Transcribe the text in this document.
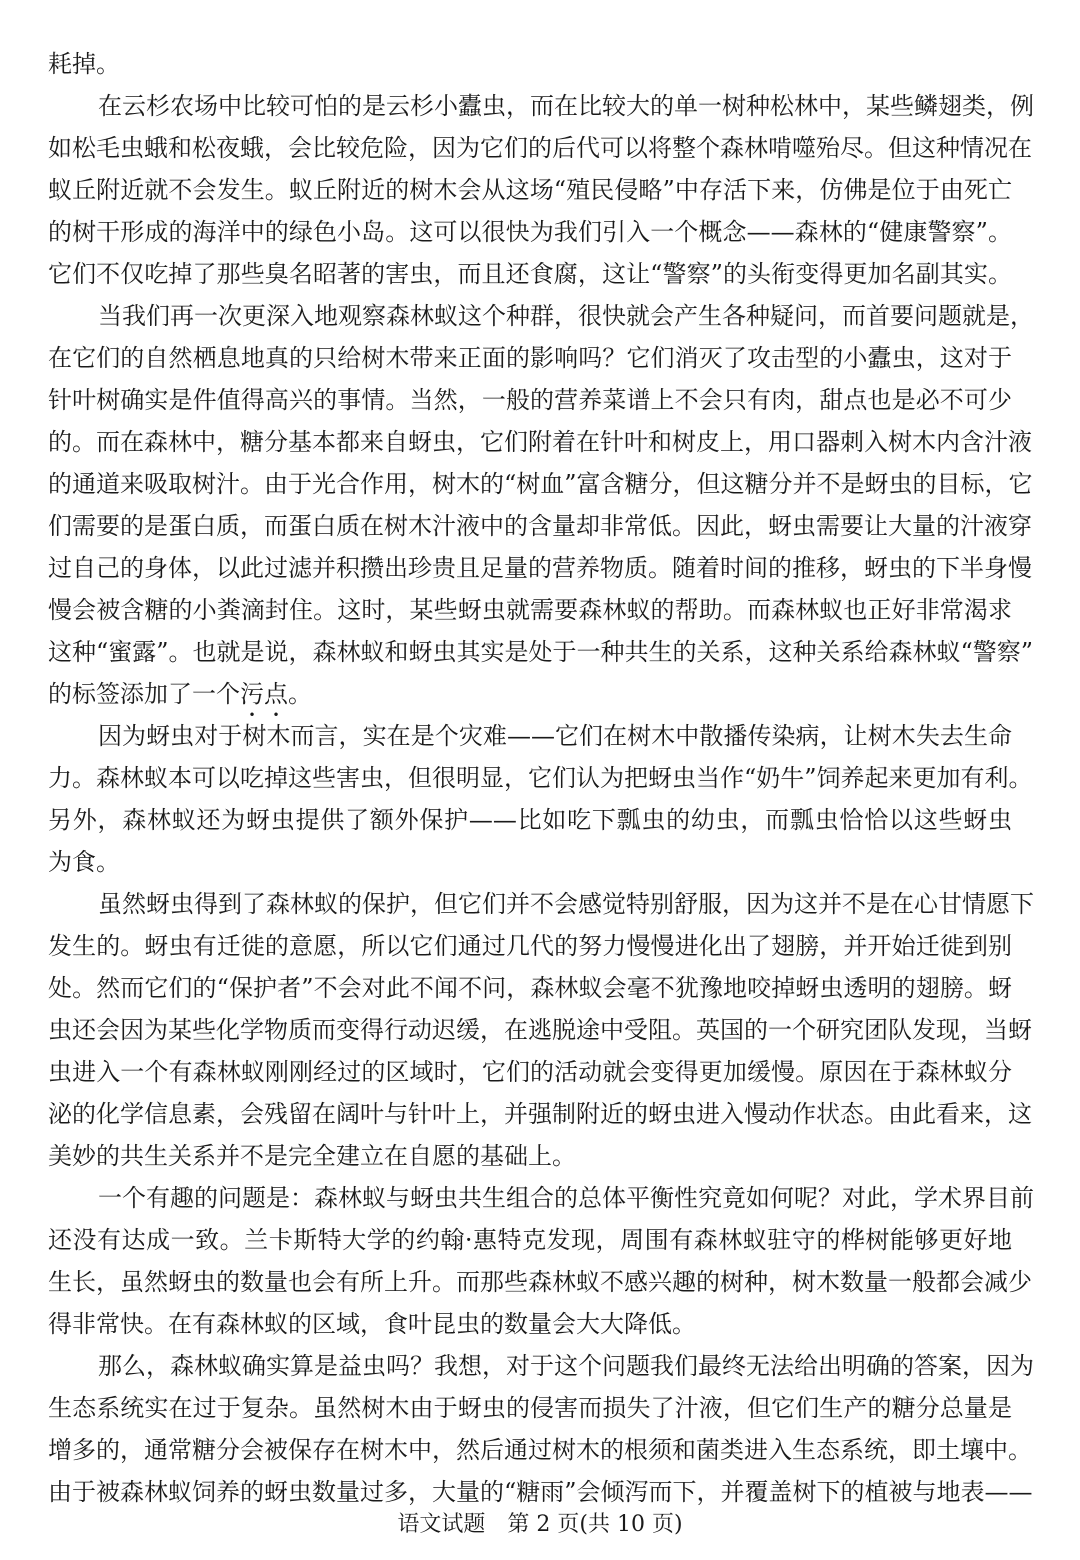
耗掉。
在云杉农场中比较可怕的是云杉小蠹虫，而在比较大的单一树种松林中，某些鳞翅类，例
如松毛虫蛾和松夜蛾，会比较危险，因为它们的后代可以将整个森林啃噬殆尽。但这种情况在
蚁丘附近就不会发生。蚁丘附近的树木会从这场“殖民侵略”中存活下来，仿佛是位于由死亡
的树干形成的海洋中的绿色小岛。这可以很快为我们引入一个概念——森林的“健康警察”。
它们不仅吃掉了那些臭名昭著的害虫，而且还食腐，这让“警察”的头衔变得更加名副其实。
当我们再一次更深入地观察森林蚁这个种群，很快就会产生各种疑问，而首要问题就是，
在它们的自然栖息地真的只给树木带来正面的影响吗？它们消灭了攻击型的小蠹虫，这对于
针叶树确实是件值得高兴的事情。当然，一般的营养菜谱上不会只有肉，甜点也是必不可少
的。而在森林中，糖分基本都来自蚜虫，它们附着在针叶和树皮上，用口器刺入树木内含汁液
的通道来吸取树汁。由于光合作用，树木的“树血”富含糖分，但这糖分并不是蚜虫的目标，它
们需要的是蛋白质，而蛋白质在树木汁液中的含量却非常低。因此，蚜虫需要让大量的汁液穿
过自己的身体，以此过滤并积攒出珍贵且足量的营养物质。随着时间的推移，蚜虫的下半身慢
慢会被含糖的小粪滴封住。这时，某些蚜虫就需要森林蚁的帮助。而森林蚁也正好非常渴求
这种“蜜露”。也就是说，森林蚁和蚜虫其实是处于一种共生的关系，这种关系给森林蚁“警察”
的标签添加了一个污点。
因为蚜虫对于树木而言，实在是个灾难——它们在树木中散播传染病，让树木失去生命
力。森林蚁本可以吃掉这些害虫，但很明显，它们认为把蚜虫当作“奶牛”饲养起来更加有利。
另外，森林蚁还为蚜虫提供了额外保护——比如吃下瓢虫的幼虫，而瓢虫恰恰以这些蚜虫
为食。
虽然蚜虫得到了森林蚁的保护，但它们并不会感觉特别舒服，因为这并不是在心甘情愿下
发生的。蚜虫有迁徙的意愿，所以它们通过几代的努力慢慢进化出了翅膀，并开始迁徙到别
处。然而它们的“保护者”不会对此不闻不问，森林蚁会毫不犹豫地咬掉蚜虫透明的翅膀。蚜
虫还会因为某些化学物质而变得行动迟缓，在逃脱途中受阻。英国的一个研究团队发现，当蚜
虫进入一个有森林蚁刚刚经过的区域时，它们的活动就会变得更加缓慢。原因在于森林蚁分
泌的化学信息素，会残留在阔叶与针叶上，并强制附近的蚜虫进入慢动作状态。由此看来，这
美妙的共生关系并不是完全建立在自愿的基础上。
一个有趣的问题是：森林蚁与蚜虫共生组合的总体平衡性究竟如何呢？对此，学术界目前
还没有达成一致。兰卡斯特大学的约翰·惠特克发现，周围有森林蚁驻守的桦树能够更好地
生长，虽然蚜虫的数量也会有所上升。而那些森林蚁不感兴趣的树种，树木数量一般都会减少
得非常快。在有森林蚁的区域，食叶昆虫的数量会大大降低。
那么，森林蚁确实算是益虫吗？我想，对于这个问题我们最终无法给出明确的答案，因为
生态系统实在过于复杂。虽然树木由于蚜虫的侵害而损失了汁液，但它们生产的糖分总量是
增多的，通常糖分会被保存在树木中，然后通过树木的根须和菌类进入生态系统，即土壤中。
由于被森林蚁饲养的蚜虫数量过多，大量的“糖雨”会倾泻而下，并覆盖树下的植被与地表——
语文试题　第 2 页(共 10 页)
